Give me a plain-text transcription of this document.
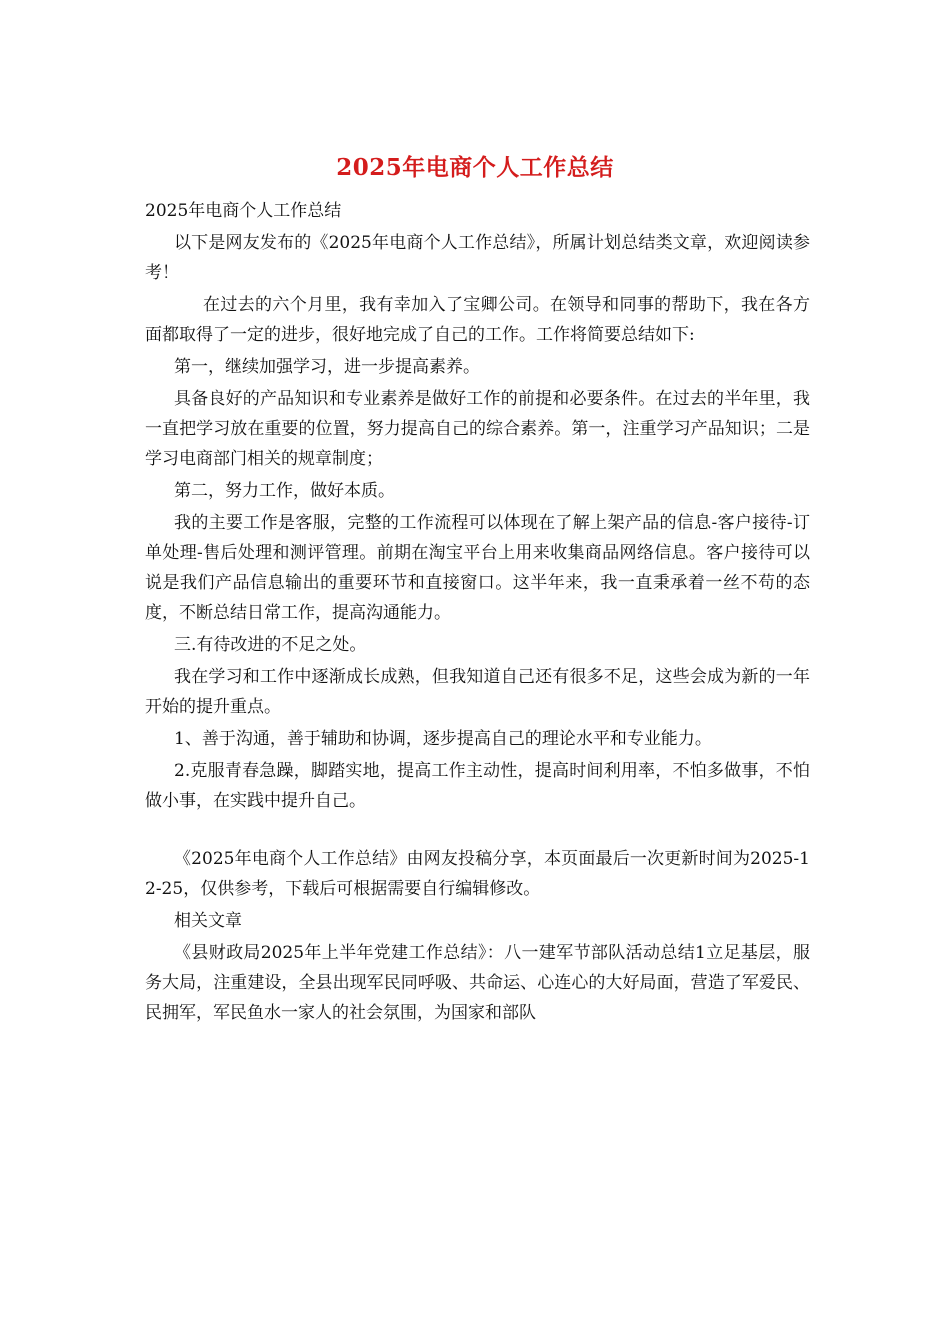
2025年电商个人工作总结

2025年电商个人工作总结

以下是网友发布的《2025年电商个人工作总结》，所属计划总结类文章，欢迎阅读参考！

在过去的六个月里，我有幸加入了宝卿公司。在领导和同事的帮助下，我在各方面都取得了一定的进步，很好地完成了自己的工作。工作将简要总结如下:

第一，继续加强学习，进一步提高素养。

具备良好的产品知识和专业素养是做好工作的前提和必要条件。在过去的半年里，我一直把学习放在重要的位置，努力提高自己的综合素养。第一，注重学习产品知识；二是学习电商部门相关的规章制度；

第二，努力工作，做好本质。

我的主要工作是客服，完整的工作流程可以体现在了解上架产品的信息-客户接待-订单处理-售后处理和测评管理。前期在淘宝平台上用来收集商品网络信息。客户接待可以说是我们产品信息输出的重要环节和直接窗口。这半年来，我一直秉承着一丝不苟的态度，不断总结日常工作，提高沟通能力。

三.有待改进的不足之处。

我在学习和工作中逐渐成长成熟，但我知道自己还有很多不足，这些会成为新的一年开始的提升重点。

1、善于沟通，善于辅助和协调，逐步提高自己的理论水平和专业能力。

2.克服青春急躁，脚踏实地，提高工作主动性，提高时间利用率，不怕多做事，不怕做小事，在实践中提升自己。

《2025年电商个人工作总结》由网友投稿分享，本页面最后一次更新时间为2025-12-25，仅供参考，下载后可根据需要自行编辑修改。

相关文章

《县财政局2025年上半年党建工作总结》：八一建军节部队活动总结1立足基层，服务大局，注重建设，全县出现军民同呼吸、共命运、心连心的大好局面，营造了军爱民、民拥军，军民鱼水一家人的社会氛围，为国家和部队
